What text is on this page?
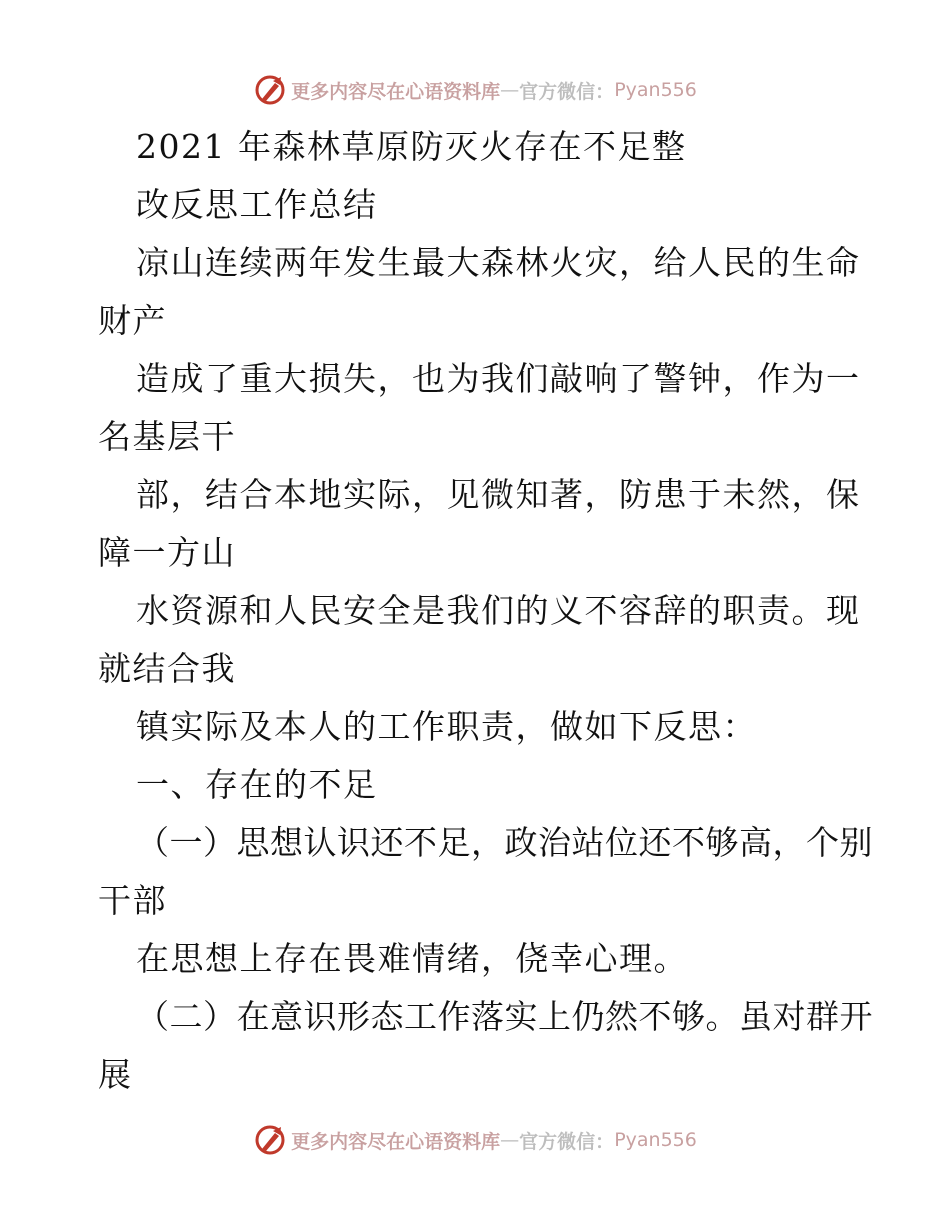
更多内容尽在心语资料库 — 官方微信： Pyan556
2021 年森林草原防灭火存在不足整
改反思工作总结
凉山连续两年发生最大森林火灾，给人民的生命
财产
造成了重大损失，也为我们敲响了警钟，作为一
名基层干
部，结合本地实际，见微知著，防患于未然，保
障一方山
水资源和人民安全是我们的义不容辞的职责。现
就结合我
镇实际及本人的工作职责，做如下反思：
一、存在的不足
（一）思想认识还不足，政治站位还不够高，个别
干部
在思想上存在畏难情绪，侥幸心理。
（二）在意识形态工作落实上仍然不够。虽对群开
展
更多内容尽在心语资料库 — 官方微信： Pyan556
